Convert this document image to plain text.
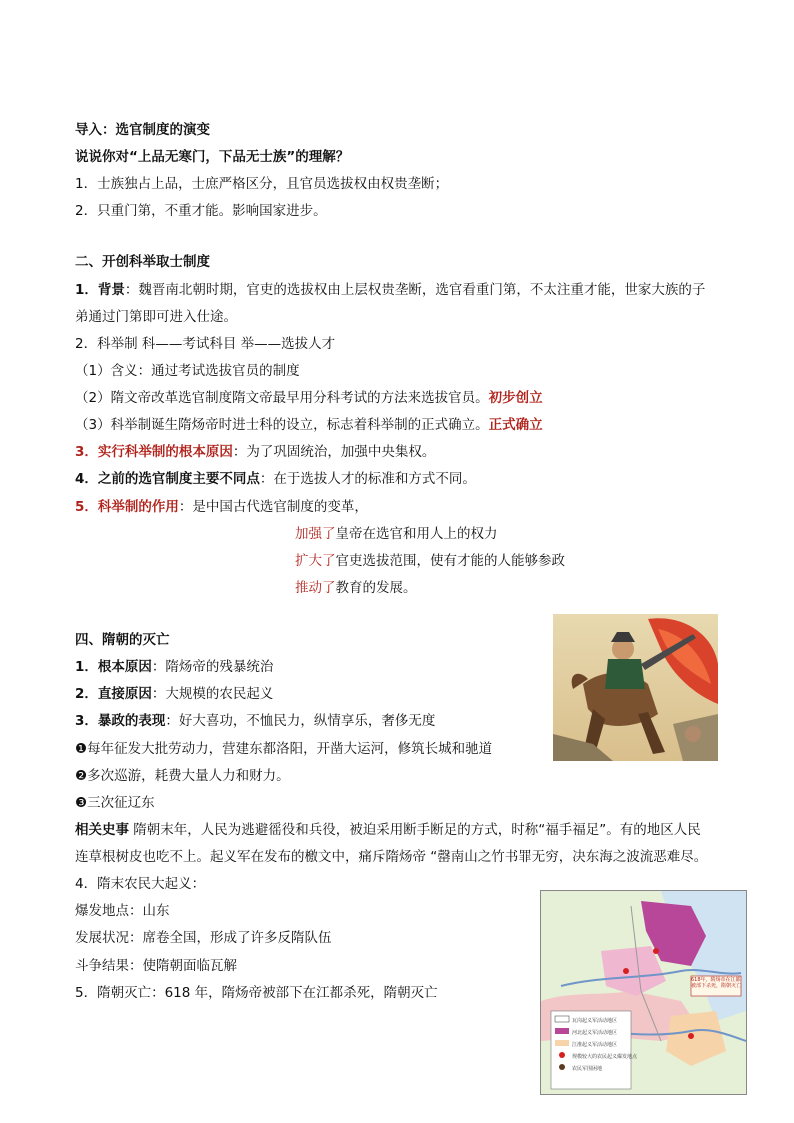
导入：选官制度的演变
说说你对“上品无寒门，下品无士族”的理解？
1．士族独占上品，士庶严格区分，且官员选拔权由权贵垄断；
2．只重门第，不重才能。影响国家进步。
二、开创科举取士制度
1．背景：魏晋南北朝时期，官吏的选拔权由上层权贵垄断，选官看重门第，不太注重才能，世家大族的子
弟通过门第即可进入仕途。
2．科举制 科——考试科目 举——选拔人才
（1）含义：通过考试选拔官员的制度
（2）隋文帝改革选官制度隋文帝最早用分科考试的方法来选拔官员。初步创立
（3）科举制诞生隋炀帝时进士科的设立，标志着科举制的正式确立。正式确立
3．实行科举制的根本原因：为了巩固统治，加强中央集权。
4．之前的选官制度主要不同点：在于选拔人才的标准和方式不同。
5．科举制的作用：是中国古代选官制度的变革，
加强了皇帝在选官和用人上的权力
扩大了官吏选拔范围，使有才能的人能够参政
推动了教育的发展。
四、隋朝的灭亡
1．根本原因：隋炀帝的残暴统治
2．直接原因：大规模的农民起义
3．暴政的表现：好大喜功，不恤民力，纵情享乐，奢侈无度
❶每年征发大批劳动力，营建东都洛阳，开凿大运河，修筑长城和驰道
❷多次巡游，耗费大量人力和财力。
❸三次征辽东
相关史事 隋朝末年，人民为逃避徭役和兵役，被迫采用断手断足的方式，时称“福手福足”。有的地区人民
连草根树皮也吃不上。起义军在发布的檄文中，痛斥隋炀帝 “罄南山之竹书罪无穷，决东海之波流恶难尽。
4．隋末农民大起义：
爆发地点：山东
发展状况：席卷全国，形成了许多反隋队伍
斗争结果：使隋朝面临瓦解
5．隋朝灭亡：618 年，隋炀帝被部下在江都杀死，隋朝灭亡
618年，隋炀帝在江都被部下杀死，隋朝灭亡
瓦岗起义军活动地区
河北起义军活动地区
江淮起义军活动地区
规模较大的农民起义爆发地点
农民军围困地
